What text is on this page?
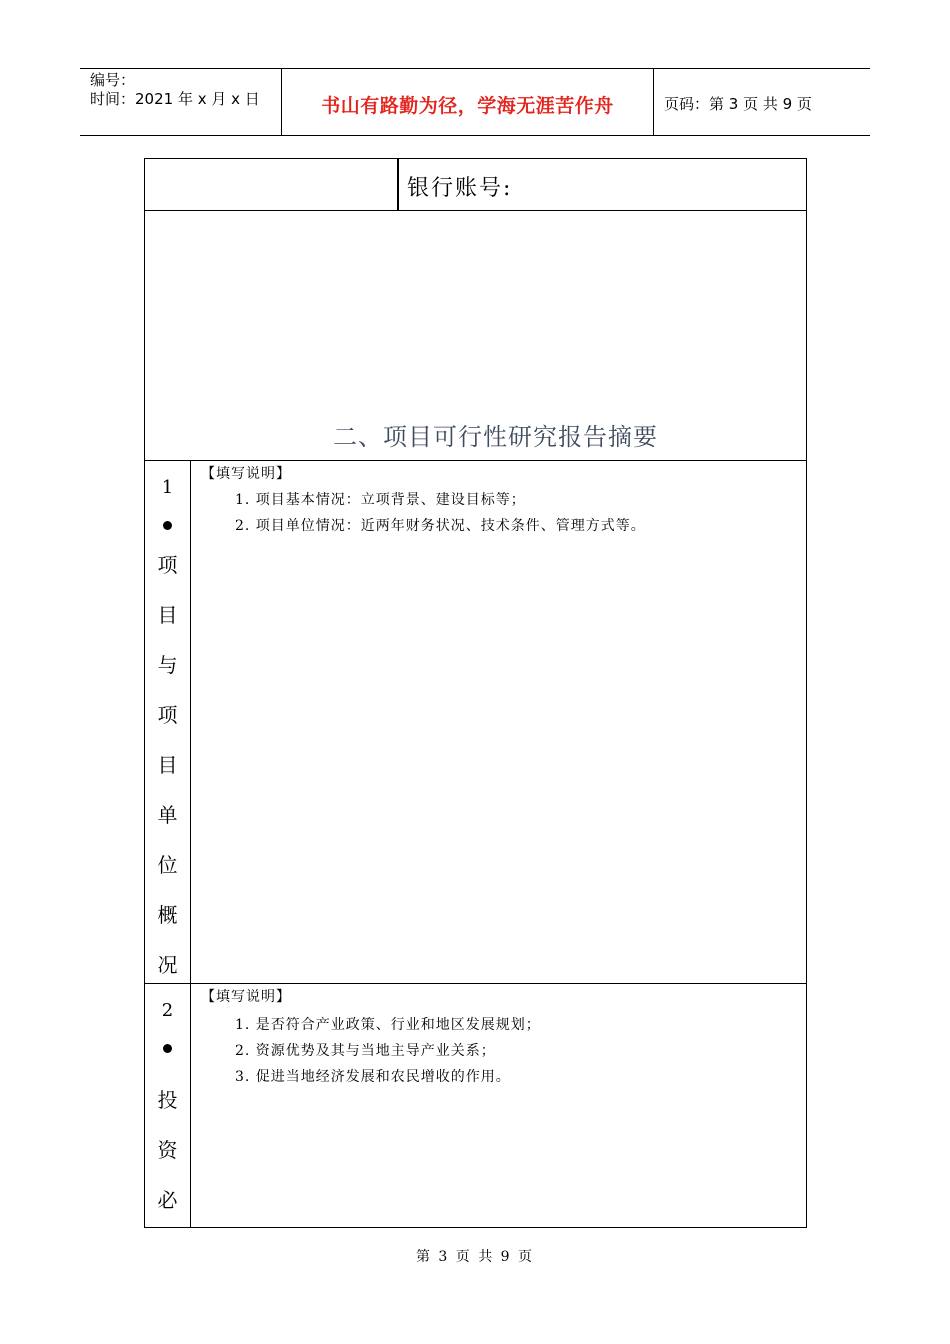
编号：
时间：2021 年 x 月 x 日	书山有路勤为径，学海无涯苦作舟	页码：第 3 页 共 9 页
银行账号:
二、项目可行性研究报告摘要
1
项
目
与
项
目
单
位
概
况
【填写说明】
1. 项目基本情况：立项背景、建设目标等；
2. 项目单位情况：近两年财务状况、技术条件、管理方式等。
2
投
资
必
【填写说明】
1. 是否符合产业政策、行业和地区发展规划；
2. 资源优势及其与当地主导产业关系；
3. 促进当地经济发展和农民增收的作用。
第 3 页 共 9 页
